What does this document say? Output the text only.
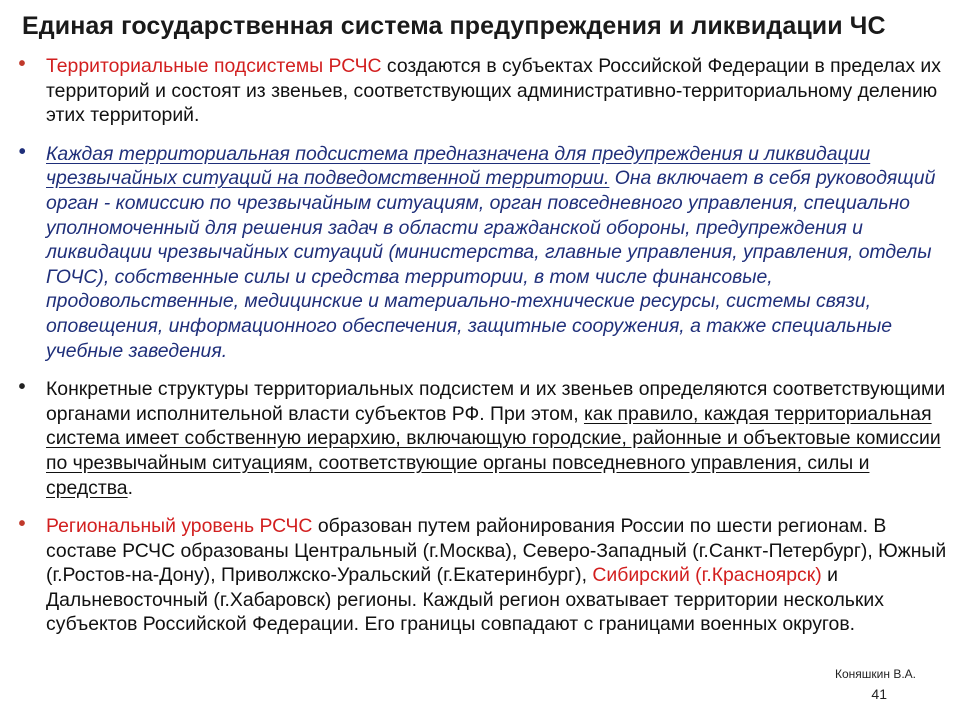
Единая государственная система предупреждения и ликвидации ЧС
•	Территориальные подсистемы РСЧС создаются в субъектах Российской Федерации в пределах их территорий и состоят из звеньев, соответствующих административно-территориальному делению этих территорий.
•	Каждая территориальная подсистема предназначена для предупреждения и ликвидации чрезвычайных ситуаций на подведомственной территории. Она включает в себя руководящий орган - комиссию по чрезвычайным ситуациям, орган повседневного управления, специально уполномоченный для решения задач в области гражданской обороны, предупреждения и ликвидации чрезвычайных ситуаций (министерства, главные управления, управления, отделы ГОЧС), собственные силы и средства территории, в том числе финансовые, продовольственные, медицинские и материально-технические ресурсы, системы связи, оповещения, информационного обеспечения, защитные сооружения, а также специальные учебные заведения.
•	Конкретные структуры территориальных подсистем и их звеньев определяются соответствующими органами исполнительной власти субъектов РФ. При этом, как правило, каждая территориальная система имеет собственную иерархию, включающую городские, районные и объектовые комиссии по чрезвычайным ситуациям, соответствующие органы повседневного управления, силы и средства.
•	Региональный уровень РСЧС образован путем районирования России по шести регионам. В составе РСЧС образованы Центральный (г.Москва), Северо-Западный (г.Санкт-Петербург), Южный (г.Ростов-на-Дону), Приволжско-Уральский (г.Екатеринбург), Сибирский (г.Красноярск) и Дальневосточный (г.Хабаровск) регионы. Каждый регион охватывает территории нескольких субъектов Российской Федерации. Его границы совпадают с границами военных округов.
Коняшкин В.А.
41
